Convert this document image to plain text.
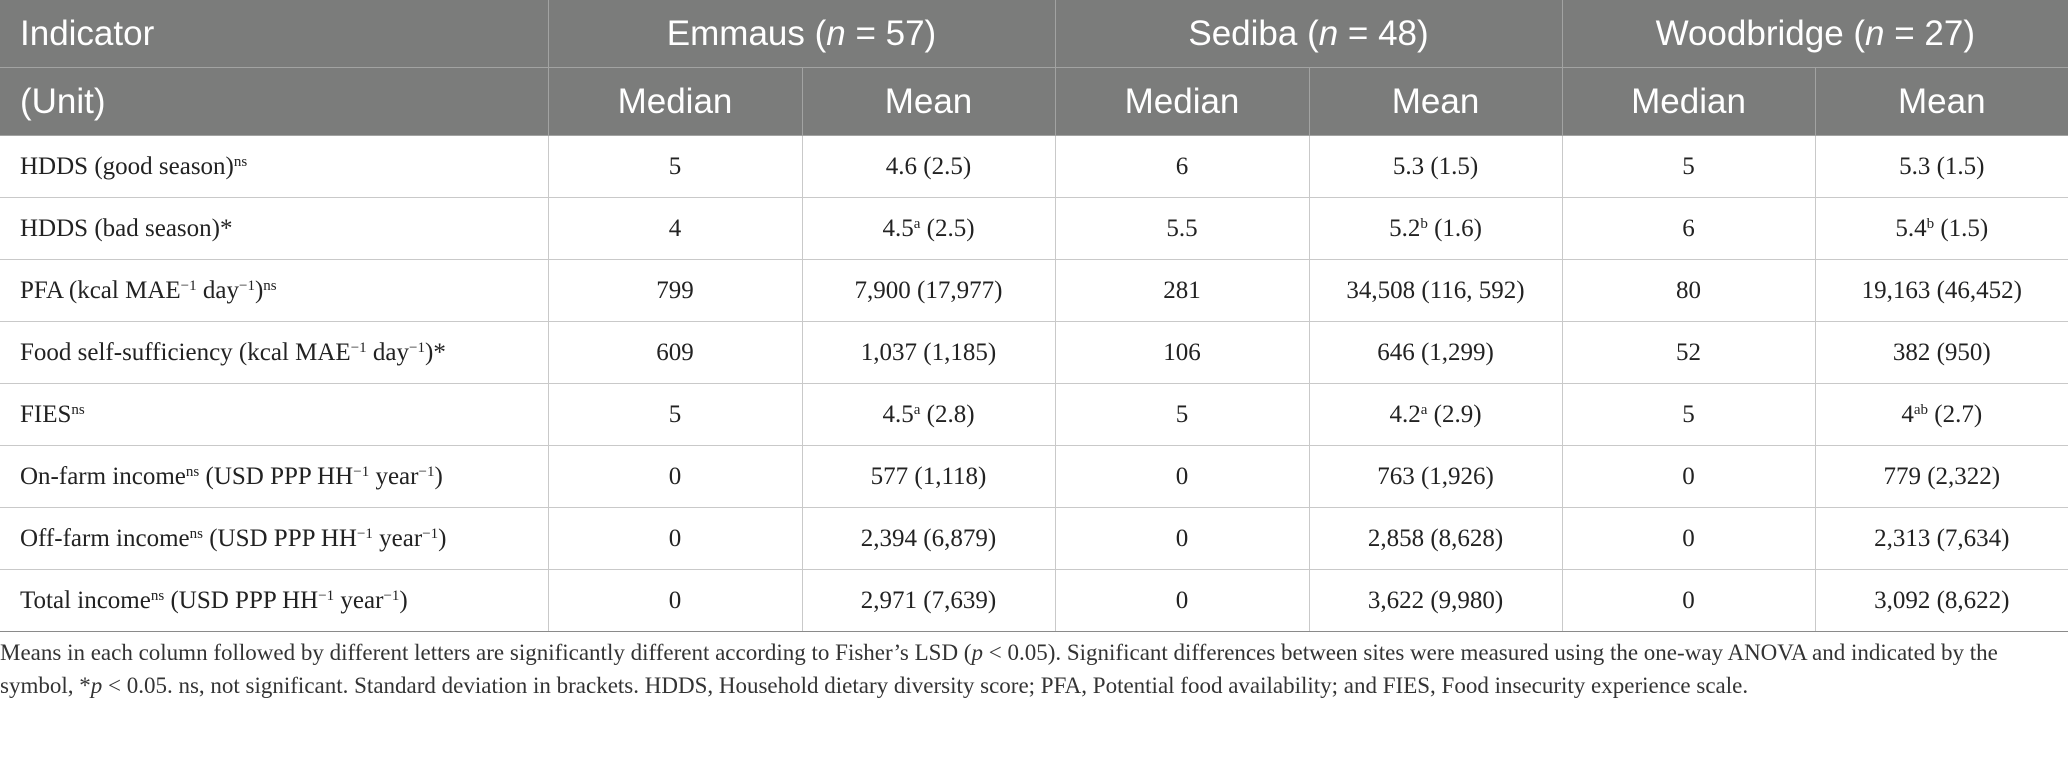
Indicator	Emmaus (n = 57)		Sediba (n = 48)		Woodbridge (n = 27)	
(Unit)	Median	Mean	Median	Mean	Median	Mean
HDDS (good season)$^{ns}$	5	4.6 (2.5)	6	5.3 (1.5)	5	5.3 (1.5)
HDDS (bad season)*	4	4.5$^a$ (2.5)	5.5	5.2$^b$ (1.6)	6	5.4$^b$ (1.5)
PFA (kcal $MAE^{-1}$ day$^{-1}$)$^{ns}$	799	7,900 (17,977)	281	34,508 (116, 592)	80	19,163 (46,452)
Food self-sufficiency (kcal $MAE^{-1}$ day$^{-1}$)*	609	1,037 (1,185)	106	646 (1,299)	52	382 (950)
$FIES^{ns}$	5	4.5$^a$ (2.8)	5	4.2$^a$ (2.9)	5	$4^{ab}$ (2.7)
On-farm income$^{ns}$ (USD PPP $HH^{-1}$ year$^{-1}$)	0	577 (1,118)	0	763 (1,926)	0	779 (2,322)
Off-farm income$^{ns}$ (USD PPP $HH^{-1}$ year$^{-1}$)	0	2,394 (6,879)	0	2,858 (8,628)	0	2,313 (7,634)
Total income$^{ns}$ (USD PPP $HH^{-1}$ year$^{-1}$)	0	2,971 (7,639)	0	3,622 (9,980)	0	3,092 (8,622)
Means in each column followed by different letters are significantly different according to Fisher’s LSD (p < 0.05). Significant differences between sites were measured using the one-way ANOVA and indicated by the symbol, *p < 0.05. ns, not significant. Standard deviation in brackets. HDDS, Household dietary diversity score; PFA, Potential food availability; and FIES, Food insecurity experience scale.
